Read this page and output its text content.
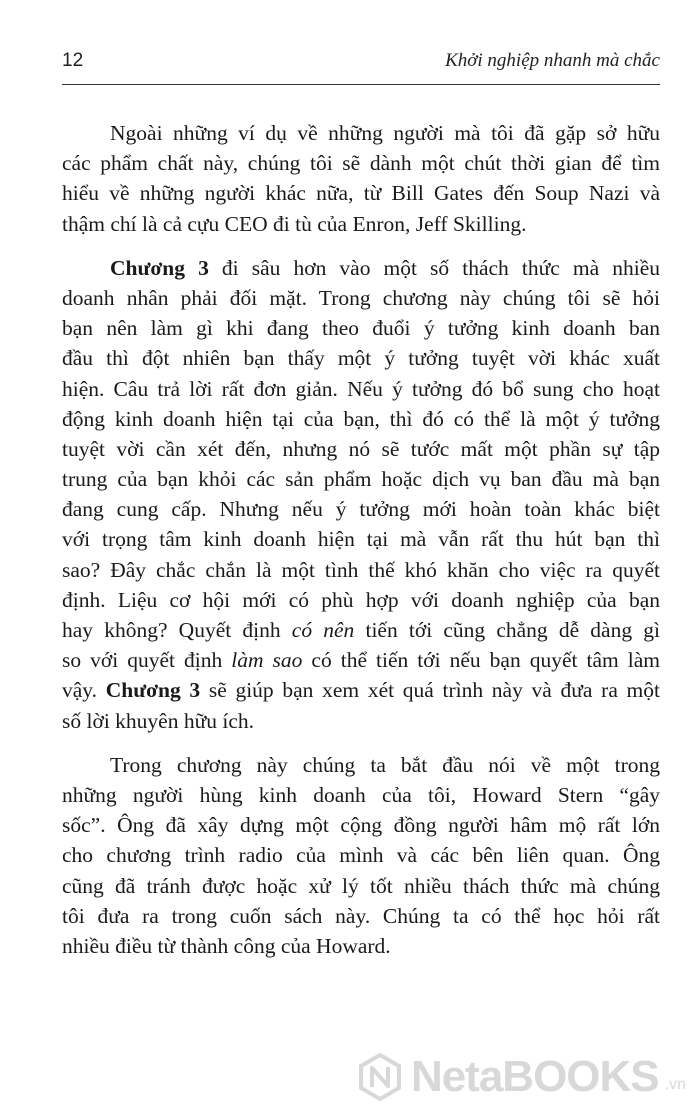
12	Khởi nghiệp nhanh mà chắc
Ngoài những ví dụ về những người mà tôi đã gặp sở hữu
các phẩm chất này, chúng tôi sẽ dành một chút thời gian để tìm
hiểu về những người khác nữa, từ Bill Gates đến Soup Nazi và
thậm chí là cả cựu CEO đi tù của Enron, Jeff Skilling.
Chương 3 đi sâu hơn vào một số thách thức mà nhiều
doanh nhân phải đối mặt. Trong chương này chúng tôi sẽ hỏi
bạn nên làm gì khi đang theo đuổi ý tưởng kinh doanh ban
đầu thì đột nhiên bạn thấy một ý tưởng tuyệt vời khác xuất
hiện. Câu trả lời rất đơn giản. Nếu ý tưởng đó bổ sung cho hoạt
động kinh doanh hiện tại của bạn, thì đó có thể là một ý tưởng
tuyệt vời cần xét đến, nhưng nó sẽ tước mất một phần sự tập
trung của bạn khỏi các sản phẩm hoặc dịch vụ ban đầu mà bạn
đang cung cấp. Nhưng nếu ý tưởng mới hoàn toàn khác biệt
với trọng tâm kinh doanh hiện tại mà vẫn rất thu hút bạn thì
sao? Đây chắc chắn là một tình thế khó khăn cho việc ra quyết
định. Liệu cơ hội mới có phù hợp với doanh nghiệp của bạn
hay không? Quyết định có nên tiến tới cũng chẳng dễ dàng gì
so với quyết định làm sao có thể tiến tới nếu bạn quyết tâm làm
vậy. Chương 3 sẽ giúp bạn xem xét quá trình này và đưa ra một
số lời khuyên hữu ích.
Trong chương này chúng ta bắt đầu nói về một trong
những người hùng kinh doanh của tôi, Howard Stern “gây
sốc”. Ông đã xây dựng một cộng đồng người hâm mộ rất lớn
cho chương trình radio của mình và các bên liên quan. Ông
cũng đã tránh được hoặc xử lý tốt nhiều thách thức mà chúng
tôi đưa ra trong cuốn sách này. Chúng ta có thể học hỏi rất
nhiều điều từ thành công của Howard.
NetaBOOKS .vn
